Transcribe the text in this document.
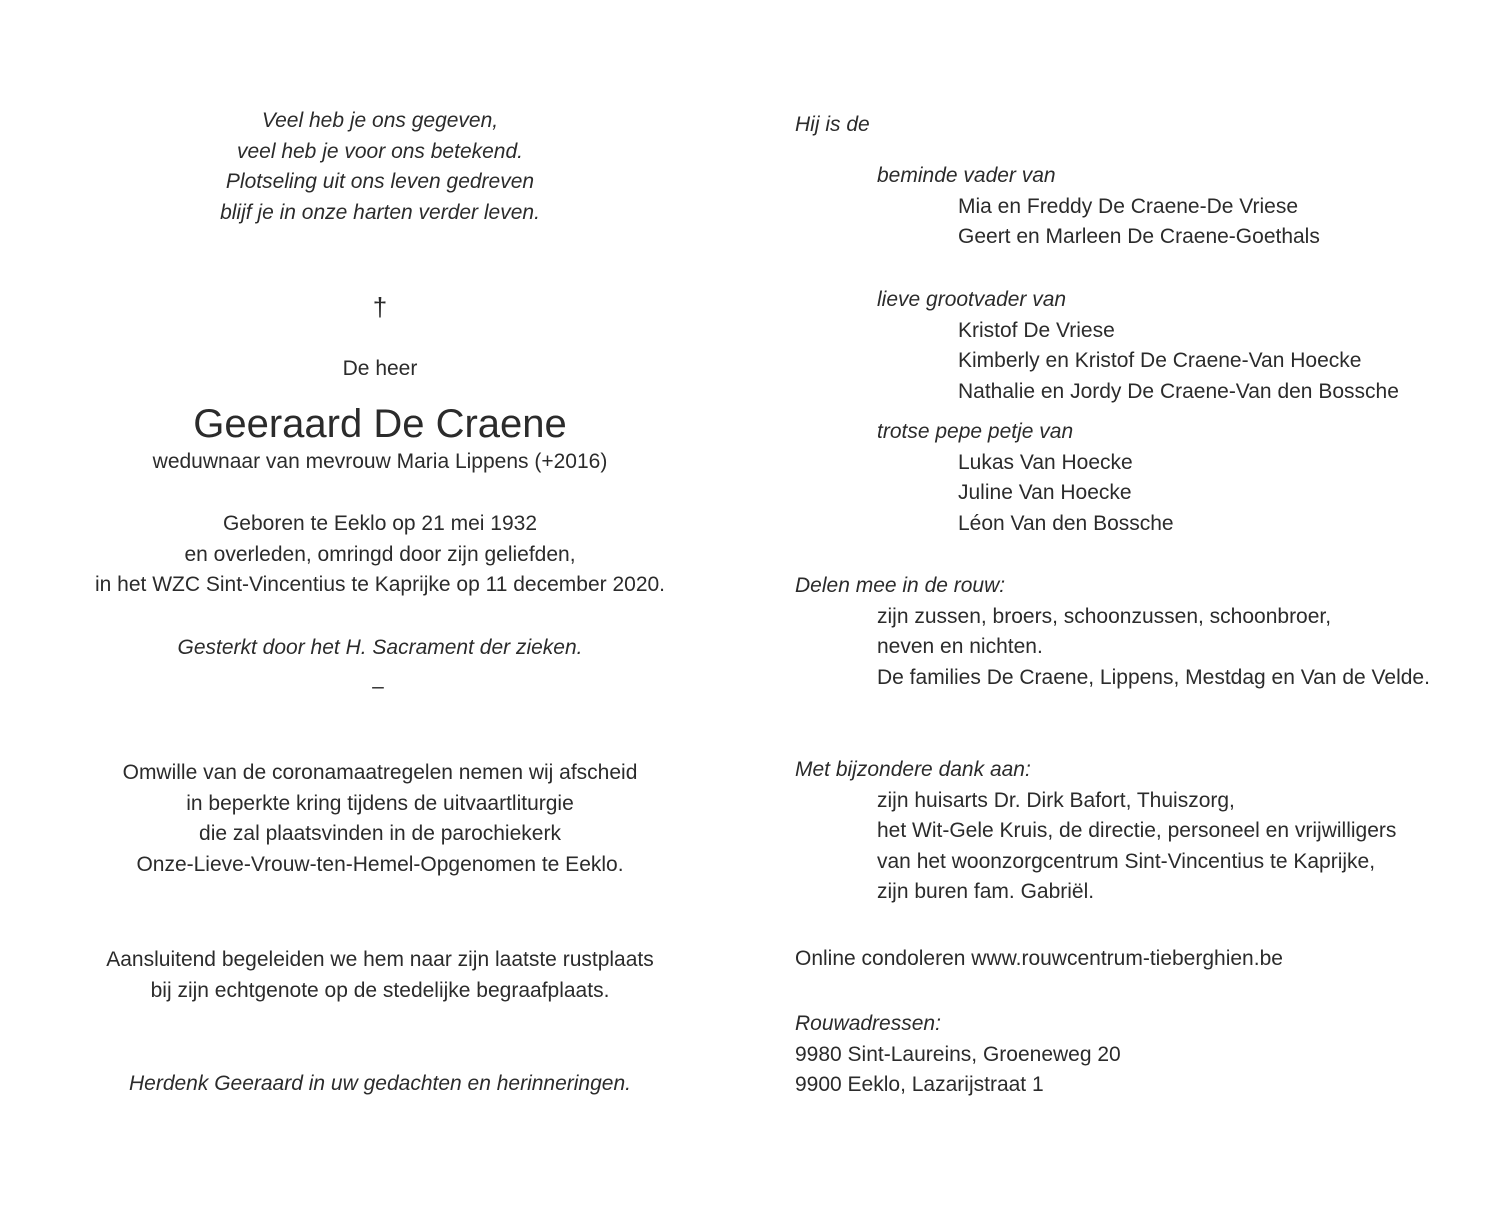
Veel heb je ons gegeven,
veel heb je voor ons betekend.
Plotseling uit ons leven gedreven
blijf je in onze harten verder leven.
†
De heer
Geeraard De Craene
weduwnaar van mevrouw Maria Lippens (+2016)
Geboren te Eeklo op 21 mei 1932
en overleden, omringd door zijn geliefden,
in het WZC Sint-Vincentius te Kaprijke op 11 december 2020.
Gesterkt door het H. Sacrament der zieken.
–
Omwille van de coronamaatregelen nemen wij afscheid
in beperkte kring tijdens de uitvaartliturgie
die zal plaatsvinden in de parochiekerk
Onze-Lieve-Vrouw-ten-Hemel-Opgenomen te Eeklo.
Aansluitend begeleiden we hem naar zijn laatste rustplaats
bij zijn echtgenote op de stedelijke begraafplaats.
Herdenk Geeraard in uw gedachten en herinneringen.
Hij is de
beminde vader van
Mia en Freddy De Craene-De Vriese
Geert en Marleen De Craene-Goethals
lieve grootvader van
Kristof De Vriese
Kimberly en Kristof De Craene-Van Hoecke
Nathalie en Jordy De Craene-Van den Bossche
trotse pepe petje van
Lukas Van Hoecke
Juline Van Hoecke
Léon Van den Bossche
Delen mee in de rouw:
zijn zussen, broers, schoonzussen, schoonbroer,
neven en nichten.
De families De Craene, Lippens, Mestdag en Van de Velde.
Met bijzondere dank aan:
zijn huisarts Dr. Dirk Bafort, Thuiszorg,
het Wit-Gele Kruis, de directie, personeel en vrijwilligers
van het woonzorgcentrum Sint-Vincentius te Kaprijke,
zijn buren fam. Gabriël.
Online condoleren www.rouwcentrum-tieberghien.be
Rouwadressen:
9980 Sint-Laureins, Groeneweg 20
9900 Eeklo, Lazarijstraat 1
